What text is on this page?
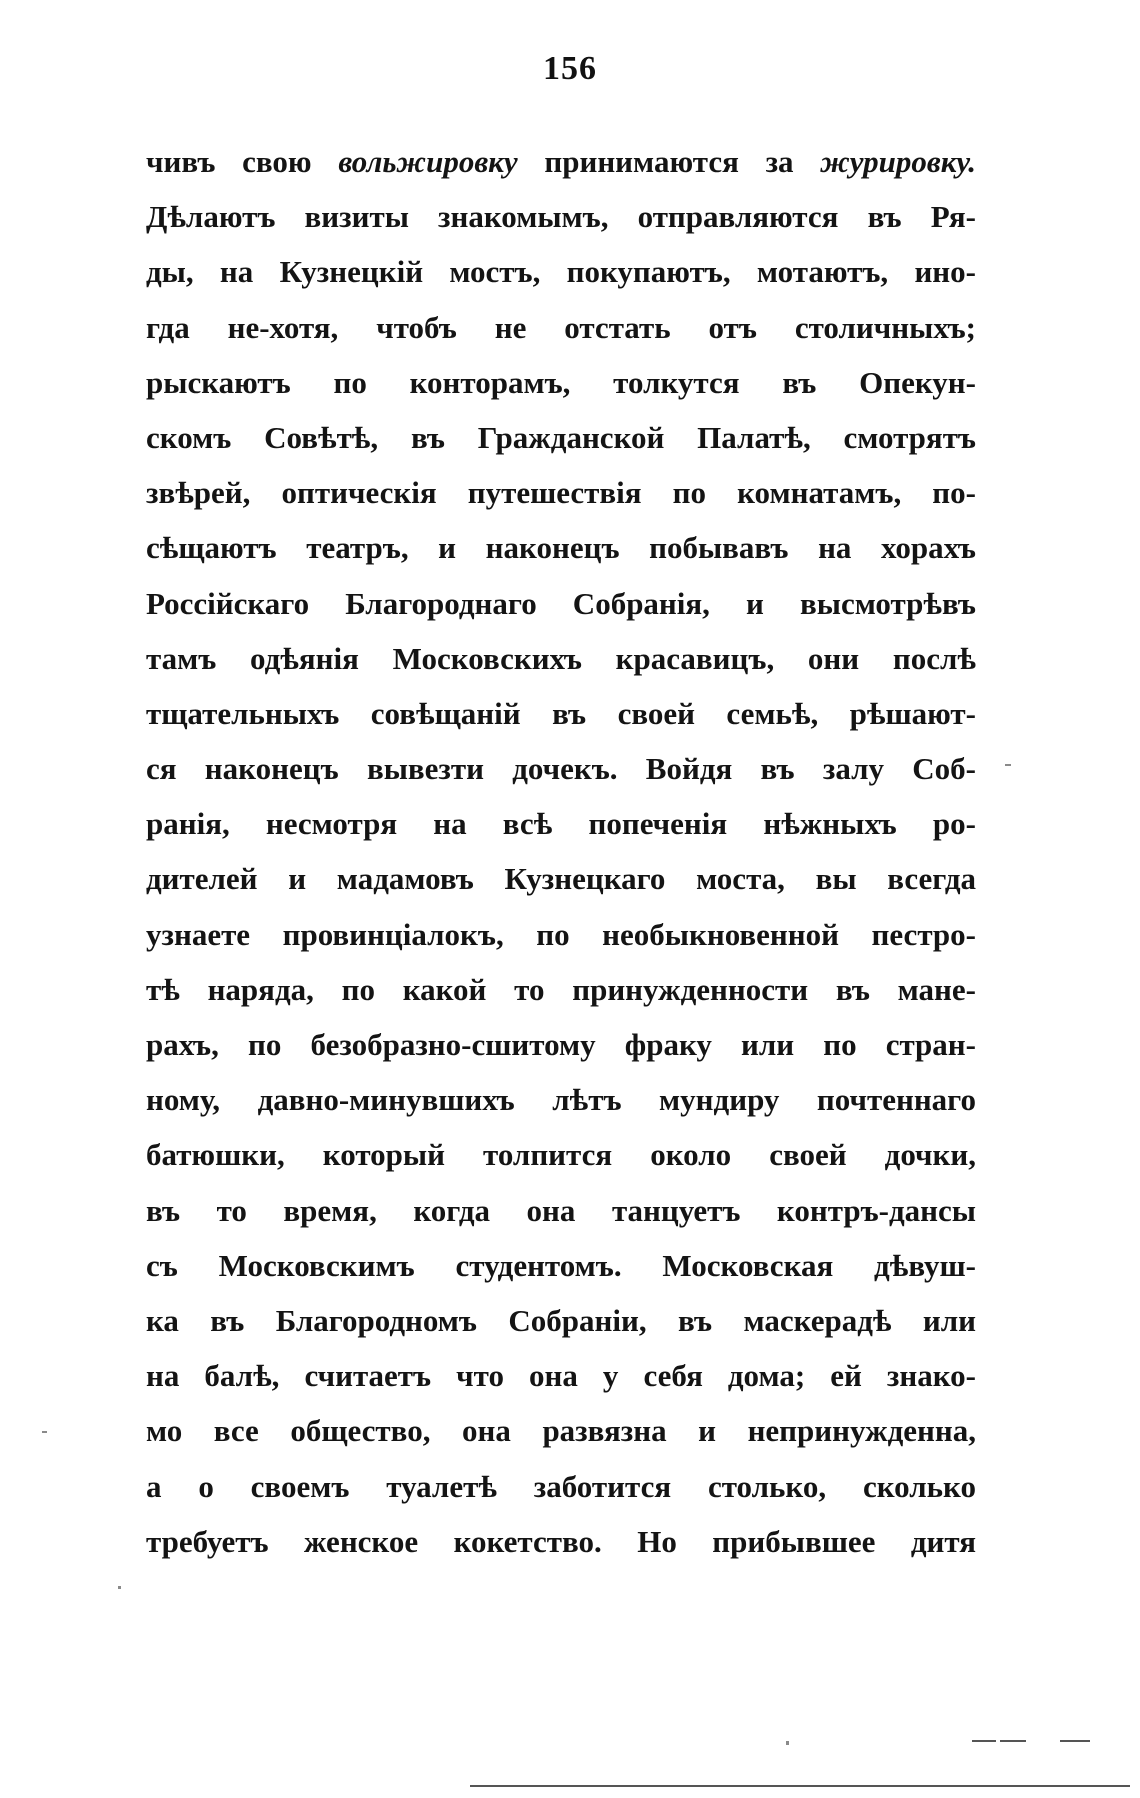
156
чивъ свою вольжировку принимаются за журировку.
Дѣлаютъ визиты знакомымъ, отправляются въ Ря-
ды, на Кузнецкій мостъ, покупаютъ, мотаютъ, ино-
гда не-хотя, чтобъ не отстать отъ столичныхъ;
рыскаютъ по конторамъ, толкутся въ Опекун-
скомъ Совѣтѣ, въ Гражданской Палатѣ, смотрятъ
звѣрей, оптическія путешествія по комнатамъ, по-
сѣщаютъ театръ, и наконецъ побывавъ на хорахъ
Россійскаго Благороднаго Собранія, и высмотрѣвъ
тамъ одѣянія Московскихъ красавицъ, они послѣ
тщательныхъ совѣщаній въ своей семьѣ, рѣшают-
ся наконецъ вывезти дочекъ. Войдя въ залу Соб-
ранія, несмотря на всѣ попеченія нѣжныхъ ро-
дителей и мадамовъ Кузнецкаго моста, вы всегда
узнаете провинціалокъ, по необыкновенной пестро-
тѣ наряда, по какой то принужденности въ мане-
рахъ, по безобразно-сшитому фраку или по стран-
ному, давно-минувшихъ лѣтъ мундиру почтеннаго
батюшки, который толпится около своей дочки,
въ то время, когда она танцуетъ контръ-дансы
съ Московскимъ студентомъ. Московская дѣвуш-
ка въ Благородномъ Собраніи, въ маскерадѣ или
на балѣ, считаетъ что она у себя дома; ей знако-
мо все общество, она развязна и непринужденна,
а о своемъ туалетѣ заботится столько, сколько
требуетъ женское кокетство. Но прибывшее дитя
